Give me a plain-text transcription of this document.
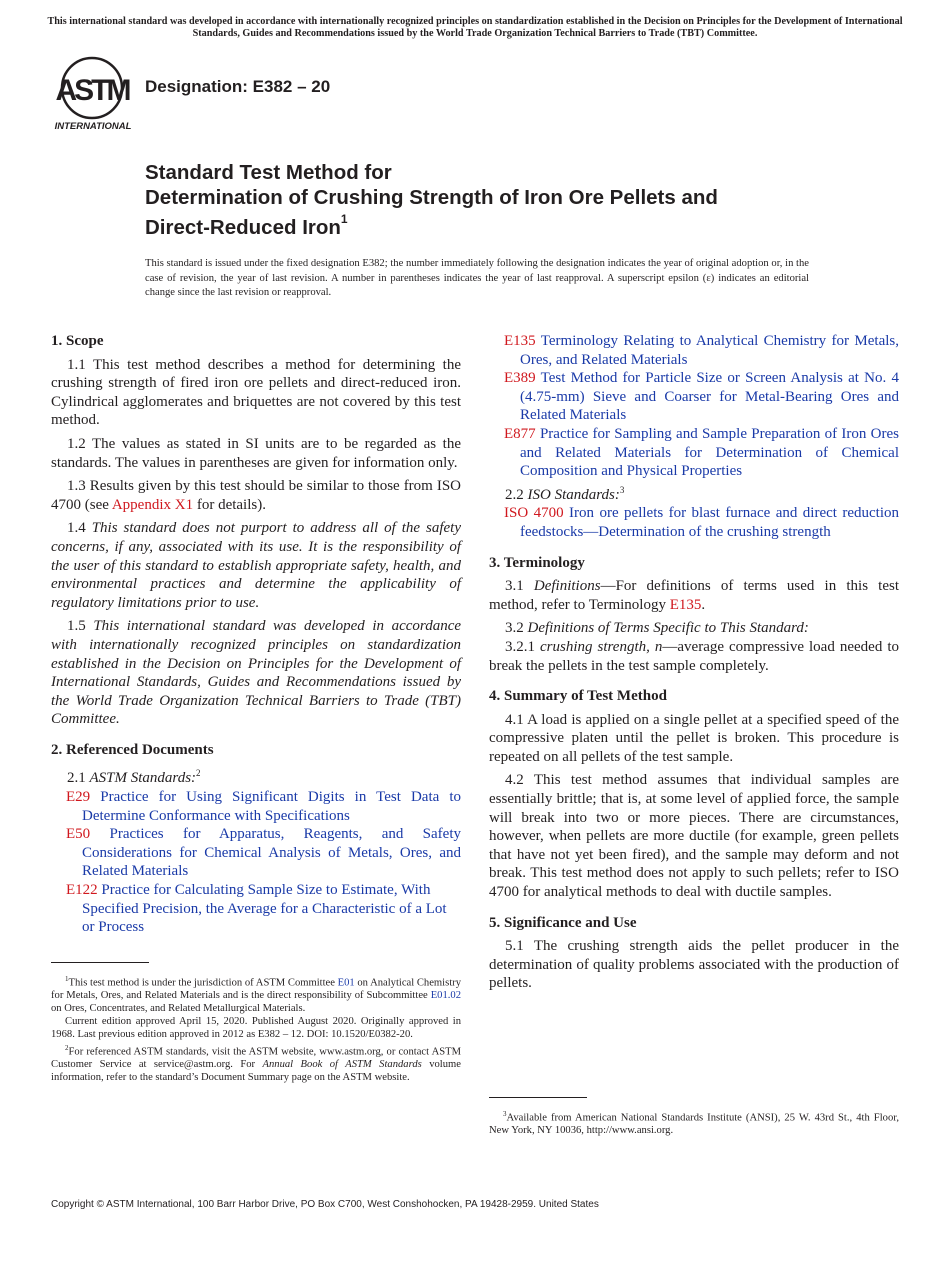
This international standard was developed in accordance with internationally recognized principles on standardization established in the Decision on Principles for the Development of International Standards, Guides and Recommendations issued by the World Trade Organization Technical Barriers to Trade (TBT) Committee.
ASTM
INTERNATIONAL
Designation: E382 – 20
Standard Test Method for
Determination of Crushing Strength of Iron Ore Pellets and
Direct-Reduced Iron$^1$
This standard is issued under the fixed designation E382; the number immediately following the designation indicates the year of original adoption or, in the case of revision, the year of last revision. A number in parentheses indicates the year of last reapproval. A superscript epsilon (ε) indicates an editorial change since the last revision or reapproval.
1. Scope

1.1 This test method describes a method for determining the crushing strength of fired iron ore pellets and direct-reduced iron. Cylindrical agglomerates and briquettes are not covered by this test method.

1.2 The values as stated in SI units are to be regarded as the standards. The values in parentheses are given for information only.

1.3 Results given by this test should be similar to those from ISO 4700 (see Appendix X1 for details).

1.4 This standard does not purport to address all of the safety concerns, if any, associated with its use. It is the responsibility of the user of this standard to establish appropriate safety, health, and environmental practices and determine the applicability of regulatory limitations prior to use.

1.5 This international standard was developed in accordance with internationally recognized principles on standardization established in the Decision on Principles for the Development of International Standards, Guides and Recommendations issued by the World Trade Organization Technical Barriers to Trade (TBT) Committee.

2. Referenced Documents

2.1 ASTM Standards:$^2$

E29 Practice for Using Significant Digits in Test Data to Determine Conformance with Specifications
E50 Practices for Apparatus, Reagents, and Safety Considerations for Chemical Analysis of Metals, Ores, and Related Materials
E122 Practice for Calculating Sample Size to Estimate, With Specified Precision, the Average for a Characteristic of a Lot or Process
E135 Terminology Relating to Analytical Chemistry for Metals, Ores, and Related Materials
E389 Test Method for Particle Size or Screen Analysis at No. 4 (4.75-mm) Sieve and Coarser for Metal-Bearing Ores and Related Materials
E877 Practice for Sampling and Sample Preparation of Iron Ores and Related Materials for Determination of Chemical Composition and Physical Properties

2.2 ISO Standards:$^3$

ISO 4700 Iron ore pellets for blast furnace and direct reduction feedstocks—Determination of the crushing strength
3. Terminology

3.1 Definitions—For definitions of terms used in this test method, refer to Terminology E135.

3.2 Definitions of Terms Specific to This Standard:

3.2.1 crushing strength, n—average compressive load needed to break the pellets in the test sample completely.

4. Summary of Test Method

4.1 A load is applied on a single pellet at a specified speed of the compressive platen until the pellet is broken. This procedure is repeated on all pellets of the test sample.

4.2 This test method assumes that individual samples are essentially brittle; that is, at some level of applied force, the sample will break into two or more pieces. There are circumstances, however, when pellets are more ductile (for example, green pellets that have not yet been fired), and the sample may deform and not break. This test method does not apply to such pellets; refer to ISO 4700 for analytical methods to deal with ductile samples.

5. Significance and Use

5.1 The crushing strength aids the pellet producer in the determination of quality problems associated with the production of pellets.

$^1$This test method is under the jurisdiction of ASTM Committee E01 on Analytical Chemistry for Metals, Ores, and Related Materials and is the direct responsibility of Subcommittee E01.02 on Ores, Concentrates, and Related Metallurgical Materials.

Current edition approved April 15, 2020. Published August 2020. Originally approved in 1968. Last previous edition approved in 2012 as E382 – 12. DOI: 10.1520/E0382-20.

$^2$For referenced ASTM standards, visit the ASTM website, www.astm.org, or contact ASTM Customer Service at service@astm.org. For Annual Book of ASTM Standards volume information, refer to the standard’s Document Summary page on the ASTM website.

$^3$Available from American National Standards Institute (ANSI), 25 W. 43rd St., 4th Floor, New York, NY 10036, http://www.ansi.org.

Copyright © ASTM International, 100 Barr Harbor Drive, PO Box C700, West Conshohocken, PA 19428-2959. United States
